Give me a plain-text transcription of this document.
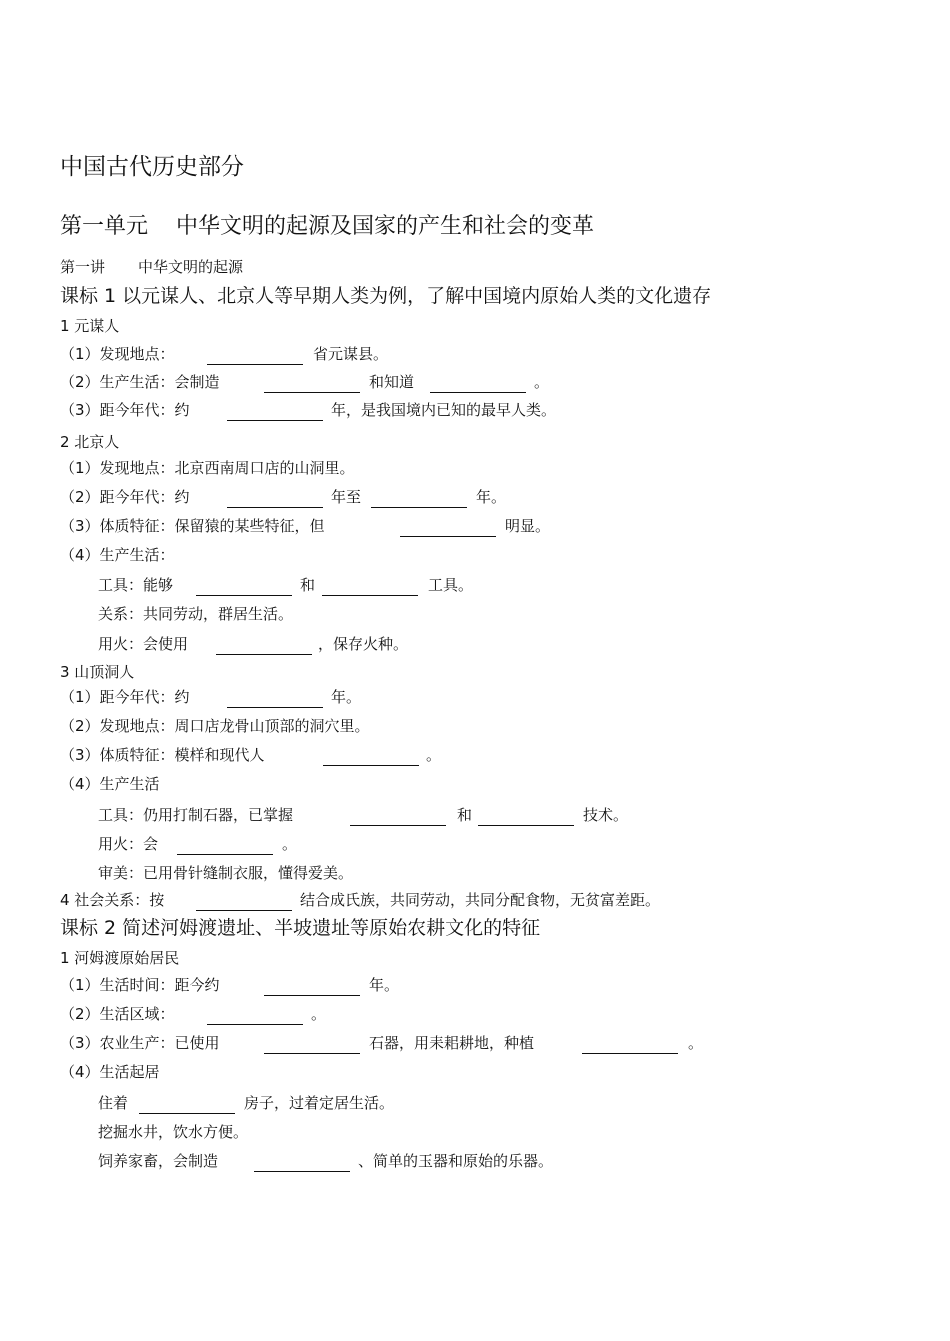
中国古代历史部分
第一单元 中华文明的起源及国家的产生和社会的变革
第一讲 中华文明的起源
课标 1 以元谋人、北京人等早期人类为例，了解中国境内原始人类的文化遗存
1 元谋人
（1）发现地点：	省元谋县。
（2）生产生活：会制造	和知道	。
（3）距今年代：约	年，是我国境内已知的最早人类。
2 北京人
（1）发现地点：北京西南周口店的山洞里。
（2）距今年代：约	年至	年。
（3）体质特征：保留猿的某些特征，但	明显。
（4）生产生活：
工具：能够	和	工具。
关系：共同劳动，群居生活。
用火：会使用	，保存火种。
3 山顶洞人
（1）距今年代：约	年。
（2）发现地点：周口店龙骨山顶部的洞穴里。
（3）体质特征：模样和现代人	。
（4）生产生活
工具：仍用打制石器，已掌握	和	技术。
用火：会	。
审美：已用骨针缝制衣服，懂得爱美。
4 社会关系：按	结合成氏族，共同劳动，共同分配食物，无贫富差距。
课标 2 简述河姆渡遗址、半坡遗址等原始农耕文化的特征
1 河姆渡原始居民
（1）生活时间：距今约	年。
（2）生活区域：	。
（3）农业生产：已使用	石器，用耒耜耕地，种植	。
（4）生活起居
住着	房子，过着定居生活。
挖掘水井，饮水方便。
饲养家畜，会制造	、简单的玉器和原始的乐器。
